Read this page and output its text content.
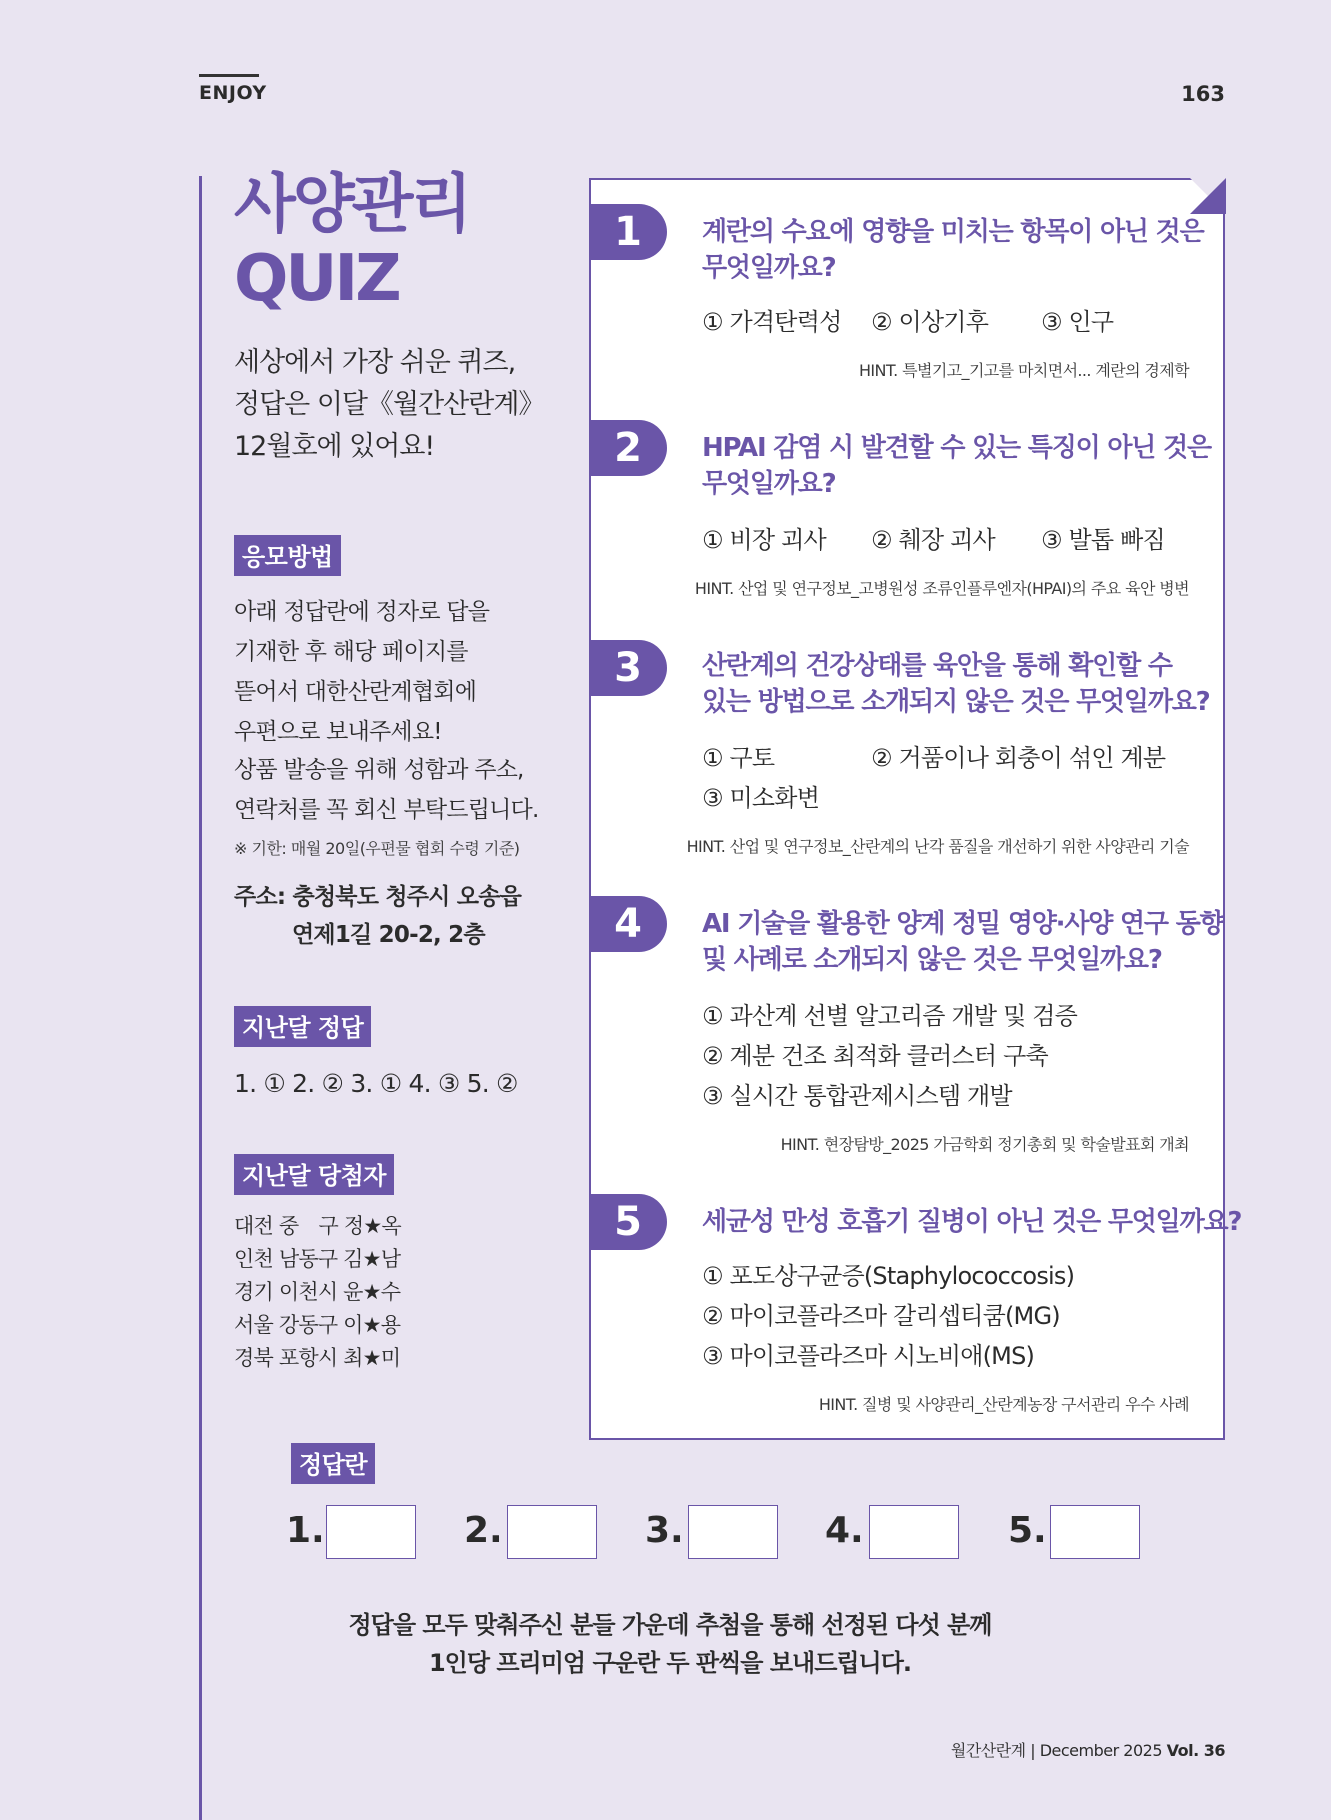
ENJOY	163
사양관리
QUIZ
세상에서 가장 쉬운 퀴즈,
정답은 이달《월간산란계》
12월호에 있어요!
응모방법
아래 정답란에 정자로 답을
기재한 후 해당 페이지를
뜯어서 대한산란계협회에
우편으로 보내주세요!
상품 발송을 위해 성함과 주소,
연락처를 꼭 회신 부탁드립니다.
※ 기한: 매월 20일(우편물 협회 수령 기준)
주소: 충청북도 청주시 오송읍
연제1길 20-2, 2층
지난달 정답
1. ① 2. ② 3. ① 4. ③ 5. ②
지난달 당첨자
대전 중　구 정★옥
인천 남동구 김★남
경기 이천시 윤★수
서울 강동구 이★용
경북 포항시 최★미
1	계란의 수요에 영향을 미치는 항목이 아닌 것은
무엇일까요?
① 가격탄력성 ② 이상기후 ③ 인구
HINT. 특별기고_기고를 마치면서... 계란의 경제학
2	HPAI 감염 시 발견할 수 있는 특징이 아닌 것은
무엇일까요?
① 비장 괴사 ② 췌장 괴사 ③ 발톱 빠짐
HINT. 산업 및 연구정보_고병원성 조류인플루엔자(HPAI)의 주요 육안 병변
3	산란계의 건강상태를 육안을 통해 확인할 수
있는 방법으로 소개되지 않은 것은 무엇일까요?
① 구토	② 거품이나 회충이 섞인 계분
③ 미소화변
HINT. 산업 및 연구정보_산란계의 난각 품질을 개선하기 위한 사양관리 기술
4	AI 기술을 활용한 양계 정밀 영양·사양 연구 동향
및 사례로 소개되지 않은 것은 무엇일까요?
① 과산계 선별 알고리즘 개발 및 검증
② 계분 건조 최적화 클러스터 구축
③ 실시간 통합관제시스템 개발
HINT. 현장탐방_2025 가금학회 정기총회 및 학술발표회 개최
5	세균성 만성 호흡기 질병이 아닌 것은 무엇일까요?
① 포도상구균증(Staphylococcosis)
② 마이코플라즈마 갈리셉티쿰(MG)
③ 마이코플라즈마 시노비애(MS)
HINT. 질병 및 사양관리_산란계농장 구서관리 우수 사례
정답란
1.	2.	3.	4.	5.
정답을 모두 맞춰주신 분들 가운데 추첨을 통해 선정된 다섯 분께
1인당 프리미엄 구운란 두 판씩을 보내드립니다.
월간산란계 | December 2025 Vol. 36
